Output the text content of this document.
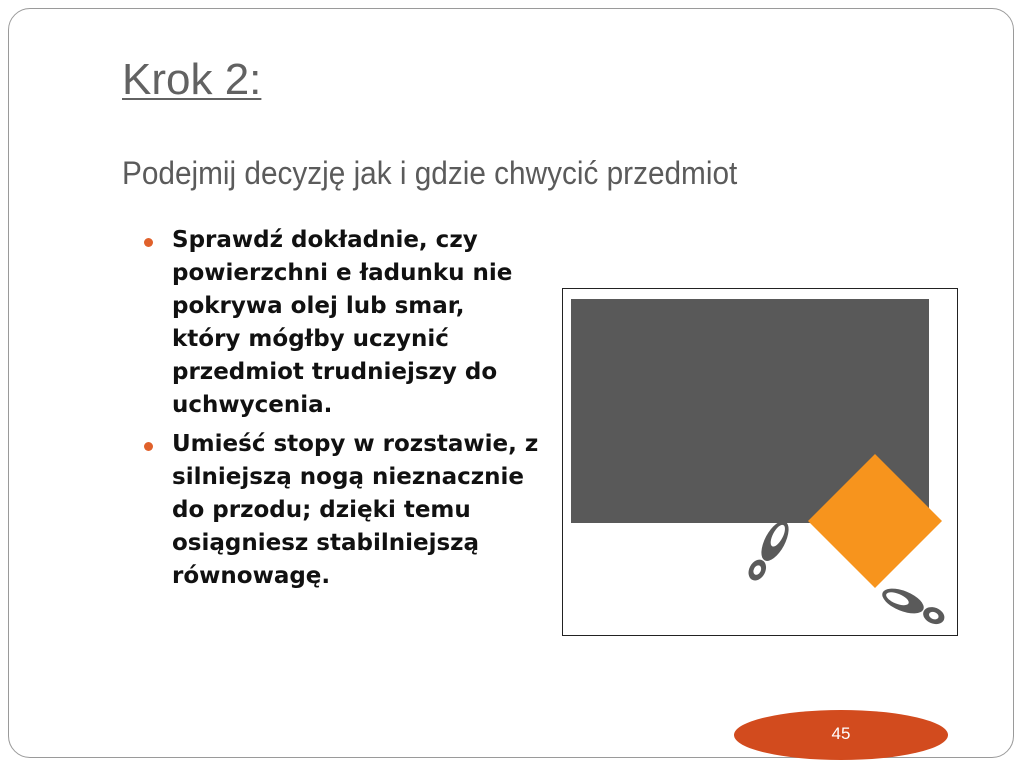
Krok 2:
Podejmij decyzję jak i gdzie chwycić przedmiot
Sprawdź dokładnie, czy powierzchni e ładunku nie pokrywa olej lub smar, który mógłby uczynić przedmiot trudniejszy do uchwycenia.
Umieść stopy w rozstawie, z silniejszą nogą nieznacznie do przodu; dzięki temu osiągniesz stabilniejszą równowagę.
45
